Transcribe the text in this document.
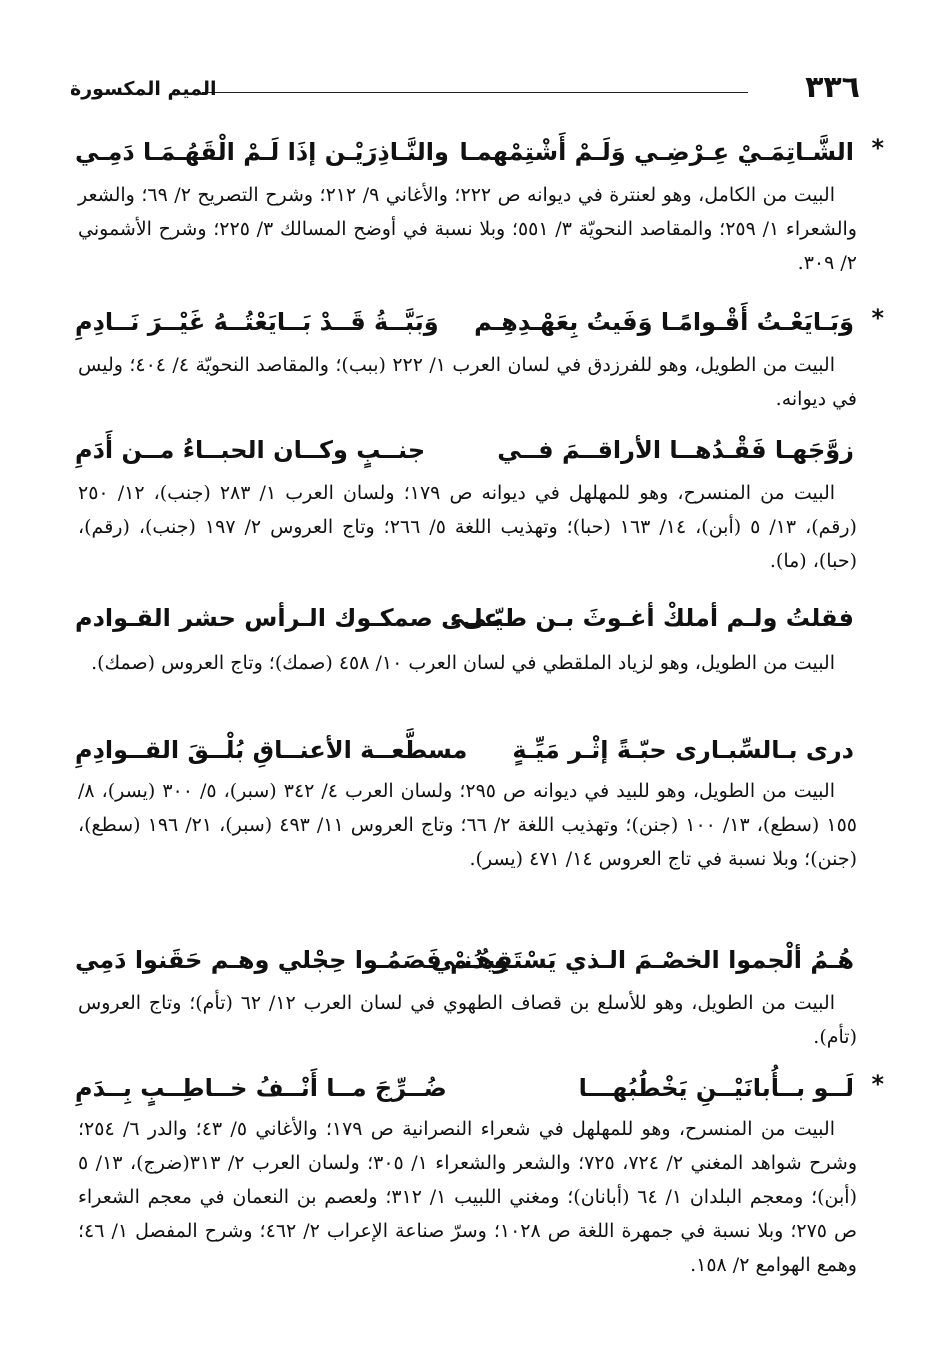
٣٣٦
الميم المكسورة
*
الشَّـاتِمَـيْ عِـرْضِـي وَلَـمْ أَشْتِمْهمـا
والنَّـاذِرَيْـن إذَا لَـمْ الْقَهُـمَـا دَمِـي
البيت من الكامل، وهو لعنترة في ديوانه ص ٢٢٢؛ والأغاني ٩/ ٢١٢؛ وشرح التصريح ٢/ ٦٩؛ والشعر والشعراء ١/ ٢٥٩؛ والمقاصد النحويّة ٣/ ٥٥١؛ وبلا نسبة في أوضح المسالك ٣/ ٢٢٥؛ وشرح الأشموني ٢/ ٣٠٩.
*
وَبَـايَعْـتُ أَقْـوامًـا وَفَيتُ بِعَهْـدِهِـم
وَبَبَّــةُ قَــدْ بَــايَعْتُــهُ غَيْــرَ نَــادِمِ
البيت من الطويل، وهو للفرزدق في لسان العرب ١/ ٢٢٢ (ببب)؛ والمقاصد النحويّة ٤/ ٤٠٤؛ وليس في ديوانه.
زوَّجَهـا فَقْـدُهــا الأراقــمَ فــي
جنــبٍ وكــان الحبــاءُ مــن أَدَمِ
البيت من المنسرح، وهو للمهلهل في ديوانه ص ١٧٩؛ ولسان العرب ١/ ٢٨٣ (جنب)، ١٢/ ٢٥٠ (رقم)، ١٣/ ٥ (أبن)، ١٤/ ١٦٣ (حبا)؛ وتهذيب اللغة ٥/ ٢٦٦؛ وتاج العروس ٢/ ١٩٧ (جنب)، (رقم)، (حبا)، (ما).
فقلتُ ولـم أملكْ أغـوثَ بـن طيّـىء
علـى صمكـوك الـرأس حشر القـوادم
البيت من الطويل، وهو لزياد الملقطي في لسان العرب ١٠/ ٤٥٨ (صمك)؛ وتاج العروس (صمك).
درى بـالسِّبـارى حبّـةً إثْـر مَيِّـةٍ
مسطَّعــة الأعنــاقِ بُلْــقَ القــوادِمِ
البيت من الطويل، وهو للبيد في ديوانه ص ٢٩٥؛ ولسان العرب ٤/ ٣٤٢ (سبر)، ٥/ ٣٠٠ (يسر)، ٨/ ١٥٥ (سطع)، ١٣/ ١٠٠ (جنن)؛ وتهذيب اللغة ٢/ ٦٦؛ وتاج العروس ١١/ ٤٩٣ (سبر)، ٢١/ ١٩٦ (سطع)، (جنن)؛ وبلا نسبة في تاج العروس ١٤/ ٤٧١ (يسر).
هُـمُ ألْجموا الخصْـمَ الـذي يَسْتَقِيدُنـي
وهُـمْ فَصَمُـوا حِجْلي وهـم حَقَنوا دَمِي
البيت من الطويل، وهو للأسلع بن قصاف الطهوي في لسان العرب ١٢/ ٦٢ (تأم)؛ وتاج العروس (تأم).
*
لَــو بــأُبانَيْــنِ يَخْطُبُهـــا
ضُــرِّجَ مــا أَنْــفُ خــاطِــبٍ بِــدَمِ
البيت من المنسرح، وهو للمهلهل في شعراء النصرانية ص ١٧٩؛ والأغاني ٥/ ٤٣؛ والدر ٦/ ٢٥٤؛ وشرح شواهد المغني ٢/ ٧٢٤، ٧٢٥؛ والشعر والشعراء ١/ ٣٠٥؛ ولسان العرب ٢/ ٣١٣(ضرج)، ١٣/ ٥ (أبن)؛ ومعجم البلدان ١/ ٦٤ (أبانان)؛ ومغني اللبيب ١/ ٣١٢؛ ولعصم بن النعمان في معجم الشعراء ص ٢٧٥؛ وبلا نسبة في جمهرة اللغة ص ١٠٢٨؛ وسرّ صناعة الإعراب ٢/ ٤٦٢؛ وشرح المفصل ١/ ٤٦؛ وهمع الهوامع ٢/ ١٥٨.
